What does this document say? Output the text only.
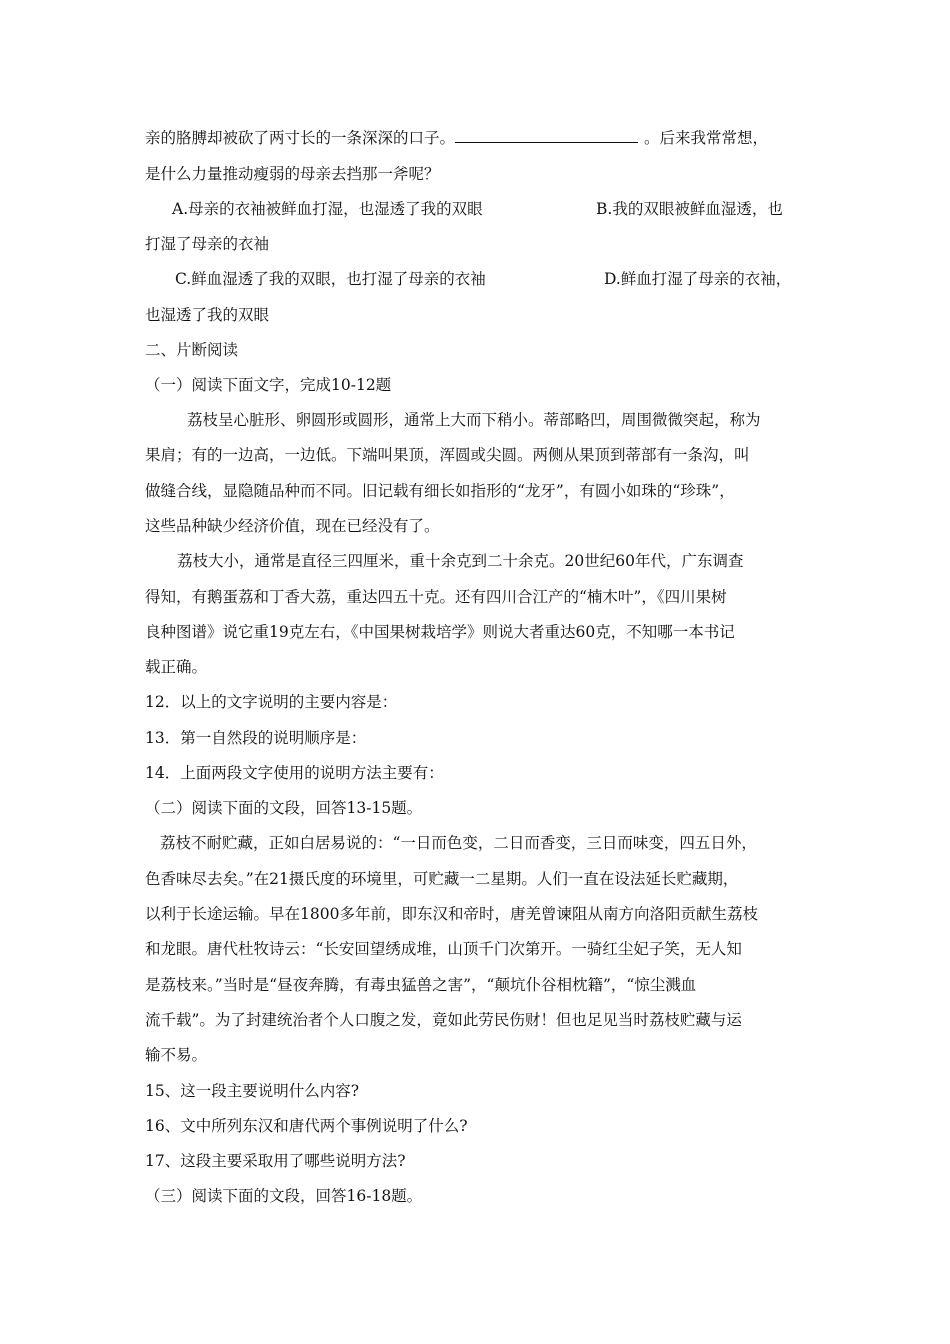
亲的胳膊却被砍了两寸长的一条深深的口子。	。后来我常常想，
是什么力量推动瘦弱的母亲去挡那一斧呢？
A.母亲的衣袖被鲜血打湿，也湿透了我的双眼	B.我的双眼被鲜血湿透，也
打湿了母亲的衣袖
C.鲜血湿透了我的双眼，也打湿了母亲的衣袖	D.鲜血打湿了母亲的衣袖，
也湿透了我的双眼
二、片断阅读
（一）阅读下面文字，完成10-12题
荔枝呈心脏形、卵圆形或圆形，通常上大而下稍小。蒂部略凹，周围微微突起，称为
果肩；有的一边高，一边低。下端叫果顶，浑圆或尖圆。两侧从果顶到蒂部有一条沟，叫
做缝合线，显隐随品种而不同。旧记载有细长如指形的“龙牙”，有圆小如珠的“珍珠”，
这些品种缺少经济价值，现在已经没有了。
荔枝大小，通常是直径三四厘米，重十余克到二十余克。20世纪60年代，广东调查
得知，有鹅蛋荔和丁香大荔，重达四五十克。还有四川合江产的“楠木叶”，《四川果树
良种图谱》说它重19克左右，《中国果树栽培学》则说大者重达60克，不知哪一本书记
载正确。
12．以上的文字说明的主要内容是：
13．第一自然段的说明顺序是：
14．上面两段文字使用的说明方法主要有：
（二）阅读下面的文段，回答13-15题。
荔枝不耐贮藏，正如白居易说的：“一日而色变，二日而香变，三日而味变，四五日外，
色香味尽去矣。”在21摄氏度的环境里，可贮藏一二星期。人们一直在设法延长贮藏期，
以利于长途运输。早在1800多年前，即东汉和帝时，唐羌曾谏阻从南方向洛阳贡献生荔枝
和龙眼。唐代杜牧诗云：“长安回望绣成堆，山顶千门次第开。一骑红尘妃子笑，无人知
是荔枝来。”当时是“昼夜奔腾，有毒虫猛兽之害”，“颠坑仆谷相枕籍”，“惊尘溅血
流千载”。为了封建统治者个人口腹之发，竟如此劳民伤财！但也足见当时荔枝贮藏与运
输不易。
15、这一段主要说明什么内容?
16、文中所列东汉和唐代两个事例说明了什么?
17、这段主要采取用了哪些说明方法?
（三）阅读下面的文段，回答16-18题。
